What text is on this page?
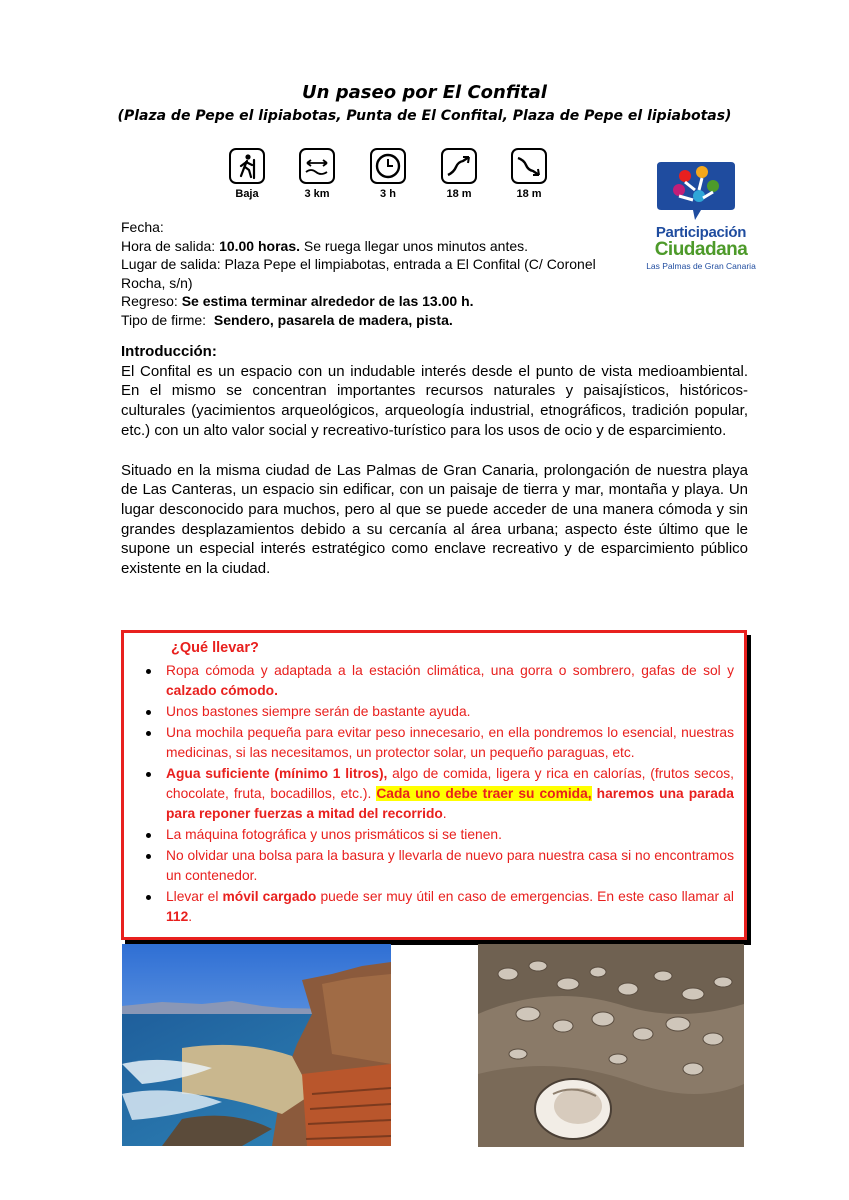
Un paseo por El Confital
(Plaza de Pepe el lipiabotas, Punta de El Confital, Plaza de Pepe el lipiabotas)
Baja	3 km	3 h	18 m	18 m
Participación
Ciudadana
Las Palmas de Gran Canaria

Fecha:

Hora de salida: 10.00 horas. Se ruega llegar unos minutos antes.

Lugar de salida: Plaza Pepe el limpiabotas, entrada a El Confital (C/ Coronel

Rocha, s/n)

Regreso: Se estima terminar alrededor de las 13.00 h.

Tipo de firme:  Sendero, pasarela de madera, pista.

Introducción:

El Confital es un espacio con un indudable interés desde el punto de vista medioambiental. En el mismo se concentran importantes recursos naturales y paisajísticos, históricos-culturales (yacimientos arqueológicos, arqueología industrial, etnográficos, tradición popular, etc.) con un alto valor social y recreativo-turístico para los usos de ocio y de esparcimiento.

Situado en la misma ciudad de Las Palmas de Gran Canaria, prolongación de nuestra playa de Las Canteras, un espacio sin edificar, con un paisaje de tierra y mar, montaña y playa. Un lugar desconocido para muchos, pero al que se puede acceder de una manera cómoda y sin grandes desplazamientos debido a su cercanía al área urbana; aspecto éste último que le supone un especial interés estratégico como enclave recreativo y de esparcimiento público existente en la ciudad.

¿Qué llevar?
Ropa cómoda y adaptada a la estación climática, una gorra o sombrero, gafas de sol y calzado cómodo.
Unos bastones siempre serán de bastante ayuda.
Una mochila pequeña para evitar peso innecesario, en ella pondremos lo esencial, nuestras medicinas, si las necesitamos, un protector solar, un pequeño paraguas, etc.
Agua suficiente (mínimo 1 litros), algo de comida, ligera y rica en calorías, (frutos secos, chocolate, fruta, bocadillos, etc.). Cada uno debe traer su comida, haremos una parada para reponer fuerzas a mitad del recorrido.
La máquina fotográfica y unos prismáticos si se tienen.
No olvidar una bolsa para la basura y llevarla de nuevo para nuestra casa si no encontramos un contenedor.
Llevar el móvil cargado puede ser muy útil en caso de emergencias. En este caso llamar al 112.
